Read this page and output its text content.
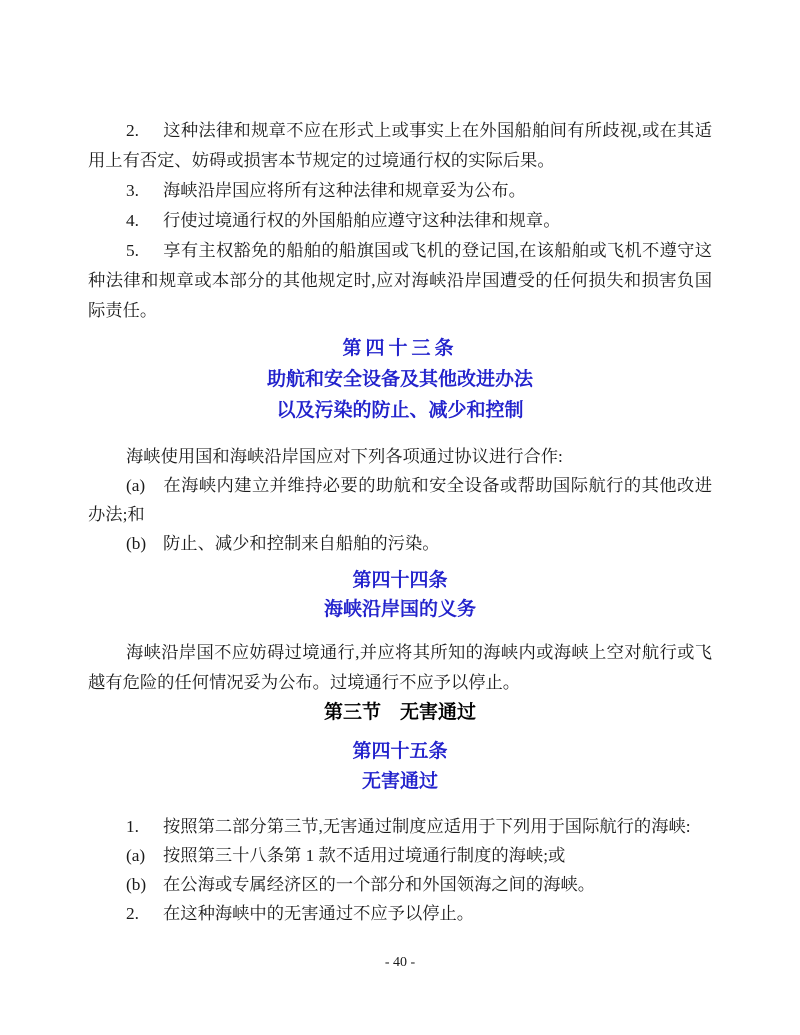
2. 这种法律和规章不应在形式上或事实上在外国船舶间有所歧视,或在其适用上有否定、妨碍或损害本节规定的过境通行权的实际后果。

3. 海峡沿岸国应将所有这种法律和规章妥为公布。

4. 行使过境通行权的外国船舶应遵守这种法律和规章。

5. 享有主权豁免的船舶的船旗国或飞机的登记国,在该船舶或飞机不遵守这种法律和规章或本部分的其他规定时,应对海峡沿岸国遭受的任何损失和损害负国际责任。

第四十三条
助航和安全设备及其他改进办法
以及污染的防止、减少和控制

海峡使用国和海峡沿岸国应对下列各项通过协议进行合作:

(a) 在海峡内建立并维持必要的助航和安全设备或帮助国际航行的其他改进办法;和

(b) 防止、减少和控制来自船舶的污染。

第四十四条
海峡沿岸国的义务

海峡沿岸国不应妨碍过境通行,并应将其所知的海峡内或海峡上空对航行或飞越有危险的任何情况妥为公布。过境通行不应予以停止。

第三节　无害通过

第四十五条
无害通过

1. 按照第二部分第三节,无害通过制度应适用于下列用于国际航行的海峡:

(a) 按照第三十八条第 1 款不适用过境通行制度的海峡;或

(b) 在公海或专属经济区的一个部分和外国领海之间的海峡。

2. 在这种海峡中的无害通过不应予以停止。

- 40 -
